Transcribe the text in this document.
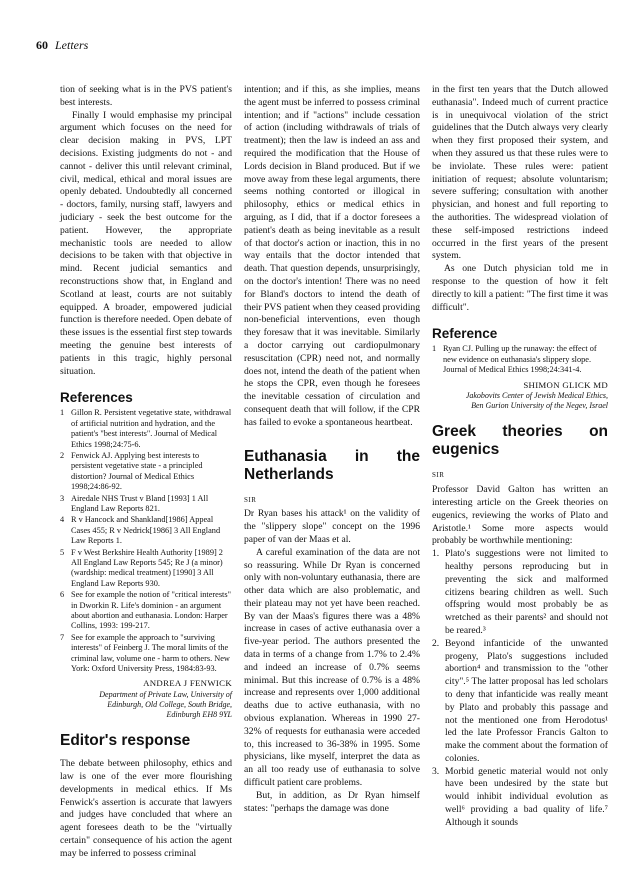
60 Letters

tion of seeking what is in the PVS patient's best interests.

Finally I would emphasise my principal argument which focuses on the need for clear decision making in PVS, LPT decisions. Existing judgments do not - and cannot - deliver this until relevant criminal, civil, medical, ethical and moral issues are openly debated. Undoubtedly all concerned - doctors, family, nursing staff, lawyers and judiciary - seek the best outcome for the patient. However, the appropriate mechanistic tools are needed to allow decisions to be taken with that objective in mind. Recent judicial semantics and reconstructions show that, in England and Scotland at least, courts are not suitably equipped. A broader, empowered judicial function is therefore needed. Open debate of these issues is the essential first step towards meeting the genuine best interests of patients in this tragic, highly personal situation.

References
1 Gillon R. Persistent vegetative state, withdrawal of artificial nutrition and hydration, and the patient's "best interests". Journal of Medical Ethics 1998;24:75-6.
2 Fenwick AJ. Applying best interests to persistent vegetative state - a principled distortion? Journal of Medical Ethics 1998;24:86-92.
3 Airedale NHS Trust v Bland [1993] 1 All England Law Reports 821.
4 R v Hancock and Shankland[1986] Appeal Cases 455; R v Nedrick[1986] 3 All England Law Reports 1.
5 F v West Berkshire Health Authority [1989] 2 All England Law Reports 545; Re J (a minor) (wardship: medical treatment) [1990] 3 All England Law Reports 930.
6 See for example the notion of "critical interests" in Dworkin R. Life's dominion - an argument about abortion and euthanasia. London: Harper Collins, 1993: 199-217.
7 See for example the approach to "surviving interests" of Feinberg J. The moral limits of the criminal law, volume one - harm to others. New York: Oxford University Press, 1984:83-93.
ANDREA J FENWICK
Department of Private Law, University of
Edinburgh, Old College, South Bridge,
Edinburgh EH8 9YL
Editor's response

The debate between philosophy, ethics and law is one of the ever more flourishing developments in medical ethics. If Ms Fenwick's assertion is accurate that lawyers and judges have concluded that where an agent foresees death to be the "virtually certain" consequence of his action the agent may be inferred to possess criminal

intention; and if this, as she implies, means the agent must be inferred to possess criminal intention; and if "actions" include cessation of action (including withdrawals of trials of treatment); then the law is indeed an ass and required the modification that the House of Lords decision in Bland produced. But if we move away from these legal arguments, there seems nothing contorted or illogical in philosophy, ethics or medical ethics in arguing, as I did, that if a doctor foresees a patient's death as being inevitable as a result of that doctor's action or inaction, this in no way entails that the doctor intended that death. That question depends, unsurprisingly, on the doctor's intention! There was no need for Bland's doctors to intend the death of their PVS patient when they ceased providing non-beneficial interventions, even though they foresaw that it was inevitable. Similarly a doctor carrying out cardiopulmonary resuscitation (CPR) need not, and normally does not, intend the death of the patient when he stops the CPR, even though he foresees the inevitable cessation of circulation and consequent death that will follow, if the CPR has failed to evoke a spontaneous heartbeat.

Euthanasia in the Netherlands
SIR

Dr Ryan bases his attack¹ on the validity of the "slippery slope" concept on the 1996 paper of van der Maas et al.

A careful examination of the data are not so reassuring. While Dr Ryan is concerned only with non-voluntary euthanasia, there are other data which are also problematic, and their plateau may not yet have been reached. By van der Maas's figures there was a 48% increase in cases of active euthanasia over a five-year period. The authors presented the data in terms of a change from 1.7% to 2.4% and indeed an increase of 0.7% seems minimal. But this increase of 0.7% is a 48% increase and represents over 1,000 additional deaths due to active euthanasia, with no obvious explanation. Whereas in 1990 27-32% of requests for euthanasia were acceded to, this increased to 36-38% in 1995. Some physicians, like myself, interpret the data as an all too ready use of euthanasia to solve difficult patient care problems.

But, in addition, as Dr Ryan himself states: "perhaps the damage was done

in the first ten years that the Dutch allowed euthanasia". Indeed much of current practice is in unequivocal violation of the strict guidelines that the Dutch always very clearly when they first proposed their system, and when they assured us that these rules were to be inviolate. These rules were: patient initiation of request; absolute voluntarism; severe suffering; consultation with another physician, and honest and full reporting to the authorities. The widespread violation of these self-imposed restrictions indeed occurred in the first years of the present system.

As one Dutch physician told me in response to the question of how it felt directly to kill a patient: "The first time it was difficult".

Reference
1 Ryan CJ. Pulling up the runaway: the effect of new evidence on euthanasia's slippery slope. Journal of Medical Ethics 1998;24:341-4.
SHIMON GLICK MD
Jakobovits Center of Jewish Medical Ethics,
Ben Gurion University of the Negev, Israel
Greek theories on eugenics
SIR

Professor David Galton has written an interesting article on the Greek theories on eugenics, reviewing the works of Plato and Aristotle.¹ Some more aspects would probably be worthwhile mentioning:

1. Plato's suggestions were not limited to healthy persons reproducing but in preventing the sick and malformed citizens bearing children as well. Such offspring would most probably be as wretched as their parents² and should not be reared.³
2. Beyond infanticide of the unwanted progeny, Plato's suggestions included abortion⁴ and transmission to the "other city".⁵ The latter proposal has led scholars to deny that infanticide was really meant by Plato and probably this passage and not the mentioned one from Herodotus¹ led the late Professor Francis Galton to make the comment about the formation of colonies.
3. Morbid genetic material would not only have been undesired by the state but would inhibit individual evolution as well⁶ providing a bad quality of life.⁷ Although it sounds
